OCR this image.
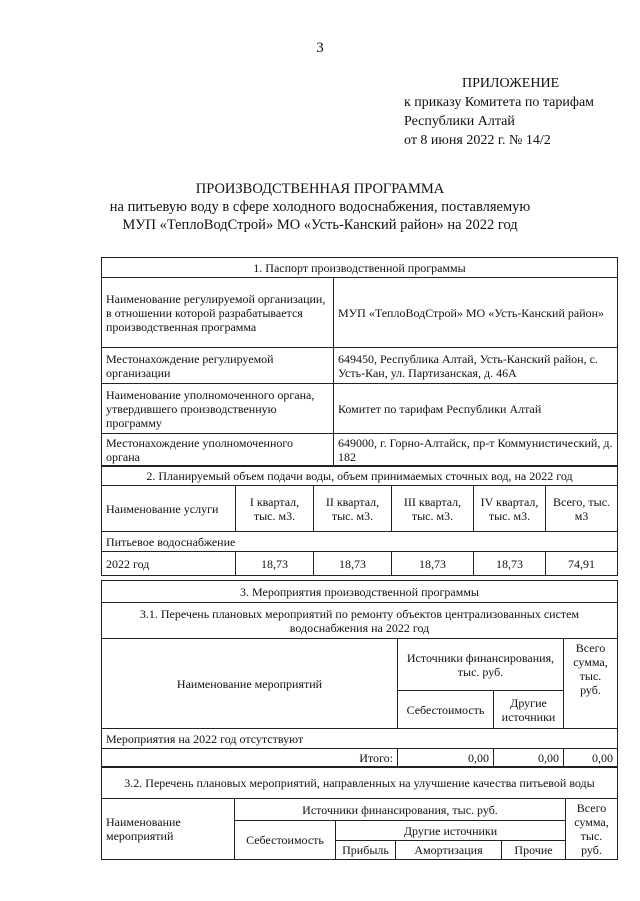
3
ПРИЛОЖЕНИЕ
к приказу Комитета по тарифам
Республики Алтай
от 8 июня 2022 г. № 14/2
ПРОИЗВОДСТВЕННАЯ ПРОГРАММА
на питьевую воду в сфере холодного водоснабжения, поставляемую
МУП «ТеплоВодСтрой» МО «Усть-Канский район» на 2022 год
1. Паспорт производственной программы	
Наименование регулируемой организации, в отношении которой разрабатывается производственная программа	МУП «ТеплоВодСтрой» МО «Усть-Канский район»
Местонахождение регулируемой организации	649450, Республика Алтай, Усть-Канский район, с. Усть-Кан, ул. Партизанская, д. 46А
Наименование уполномоченного органа, утвердившего производственную программу	Комитет по тарифам Республики Алтай
Местонахождение уполномоченного органа	649000, г. Горно-Алтайск, пр-т Коммунистический, д. 182
2. Планируемый объем подачи воды, объем принимаемых сточных вод, на 2022 год					
Наименование услуги	I квартал, тыс. м3.	II квартал, тыс. м3.	III квартал, тыс. м3.	IV квартал, тыс. м3.	Всего, тыс. м3
Питьевое водоснабжение					
2022 год	18,73	18,73	18,73	18,73	74,91
3. Мероприятия производственной программы			
3.1. Перечень плановых мероприятий по ремонту объектов централизованных систем водоснабжения на 2022 год			
Наименование мероприятий	Источники финансирования, тыс. руб.		Всего сумма, тыс. руб.
	Себестоимость	Другие источники	
Мероприятия на 2022 год отсутствуют			
Итого:	0,00	0,00	0,00
3.2. Перечень плановых мероприятий, направленных на улучшение качества питьевой воды					
Наименование мероприятий	Источники финансирования, тыс. руб.				Всего сумма, тыс. руб.
	Себестоимость	Другие источники			
		Прибыль	Амортизация	Прочие	
